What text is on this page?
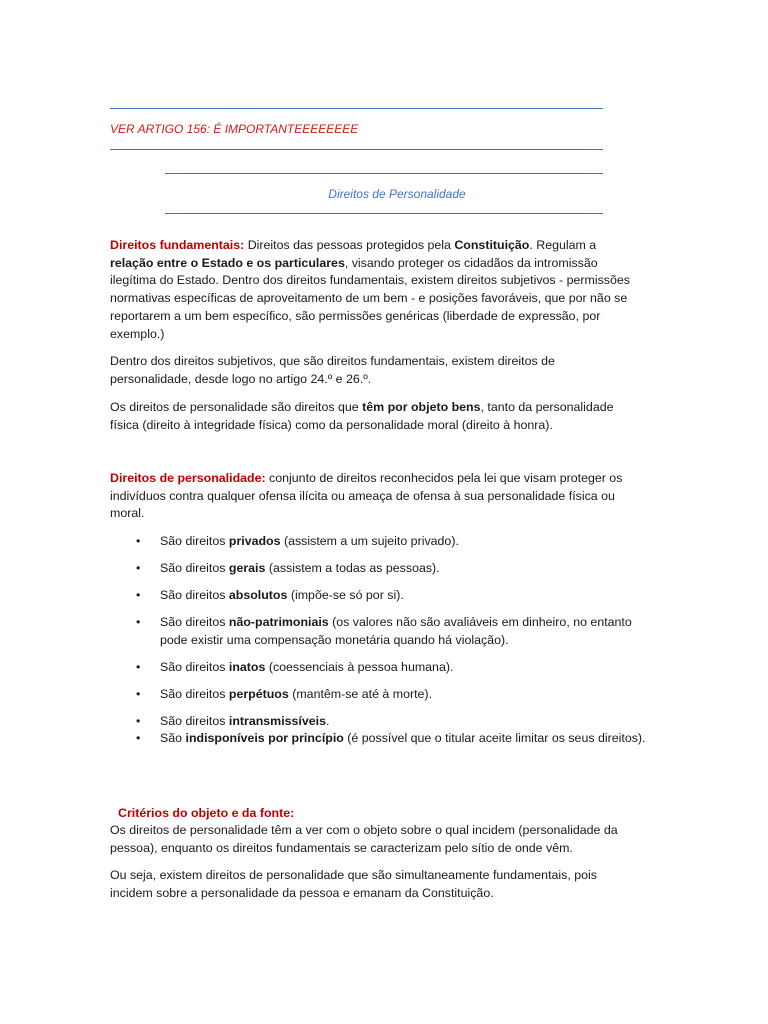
VER ARTIGO 156: É IMPORTANTEEEEEEEE
Direitos de Personalidade

Direitos fundamentais: Direitos das pessoas protegidos pela Constituição. Regulam a relação entre o Estado e os particulares, visando proteger os cidadãos da intromissão ilegítima do Estado. Dentro dos direitos fundamentais, existem direitos subjetivos - permissões normativas específicas de aproveitamento de um bem - e posições favoráveis, que por não se reportarem a um bem específico, são permissões genéricas (liberdade de expressão, por exemplo.)

Dentro dos direitos subjetivos, que são direitos fundamentais, existem direitos de personalidade, desde logo no artigo 24.º e 26.º.

Os direitos de personalidade são direitos que têm por objeto bens, tanto da personalidade física (direito à integridade física) como da personalidade moral (direito à honra).

Direitos de personalidade: conjunto de direitos reconhecidos pela lei que visam proteger os indivíduos contra qualquer ofensa ilícita ou ameaça de ofensa à sua personalidade física ou moral.

• São direitos privados (assistem a um sujeito privado).
• São direitos gerais (assistem a todas as pessoas).
• São direitos absolutos (impõe-se só por si).
• São direitos não-patrimoniais (os valores não são avaliáveis em dinheiro, no entanto pode existir uma compensação monetária quando há violação).
• São direitos inatos (coessenciais à pessoa humana).
• São direitos perpétuos (mantêm-se até à morte).
• São direitos intransmissíveis.
• São indisponíveis por princípio (é possível que o titular aceite limitar os seus direitos).
Critérios do objeto e da fonte:

Os direitos de personalidade têm a ver com o objeto sobre o qual incidem (personalidade da pessoa), enquanto os direitos fundamentais se caracterizam pelo sítio de onde vêm.

Ou seja, existem direitos de personalidade que são simultaneamente fundamentais, pois incidem sobre a personalidade da pessoa e emanam da Constituição.
